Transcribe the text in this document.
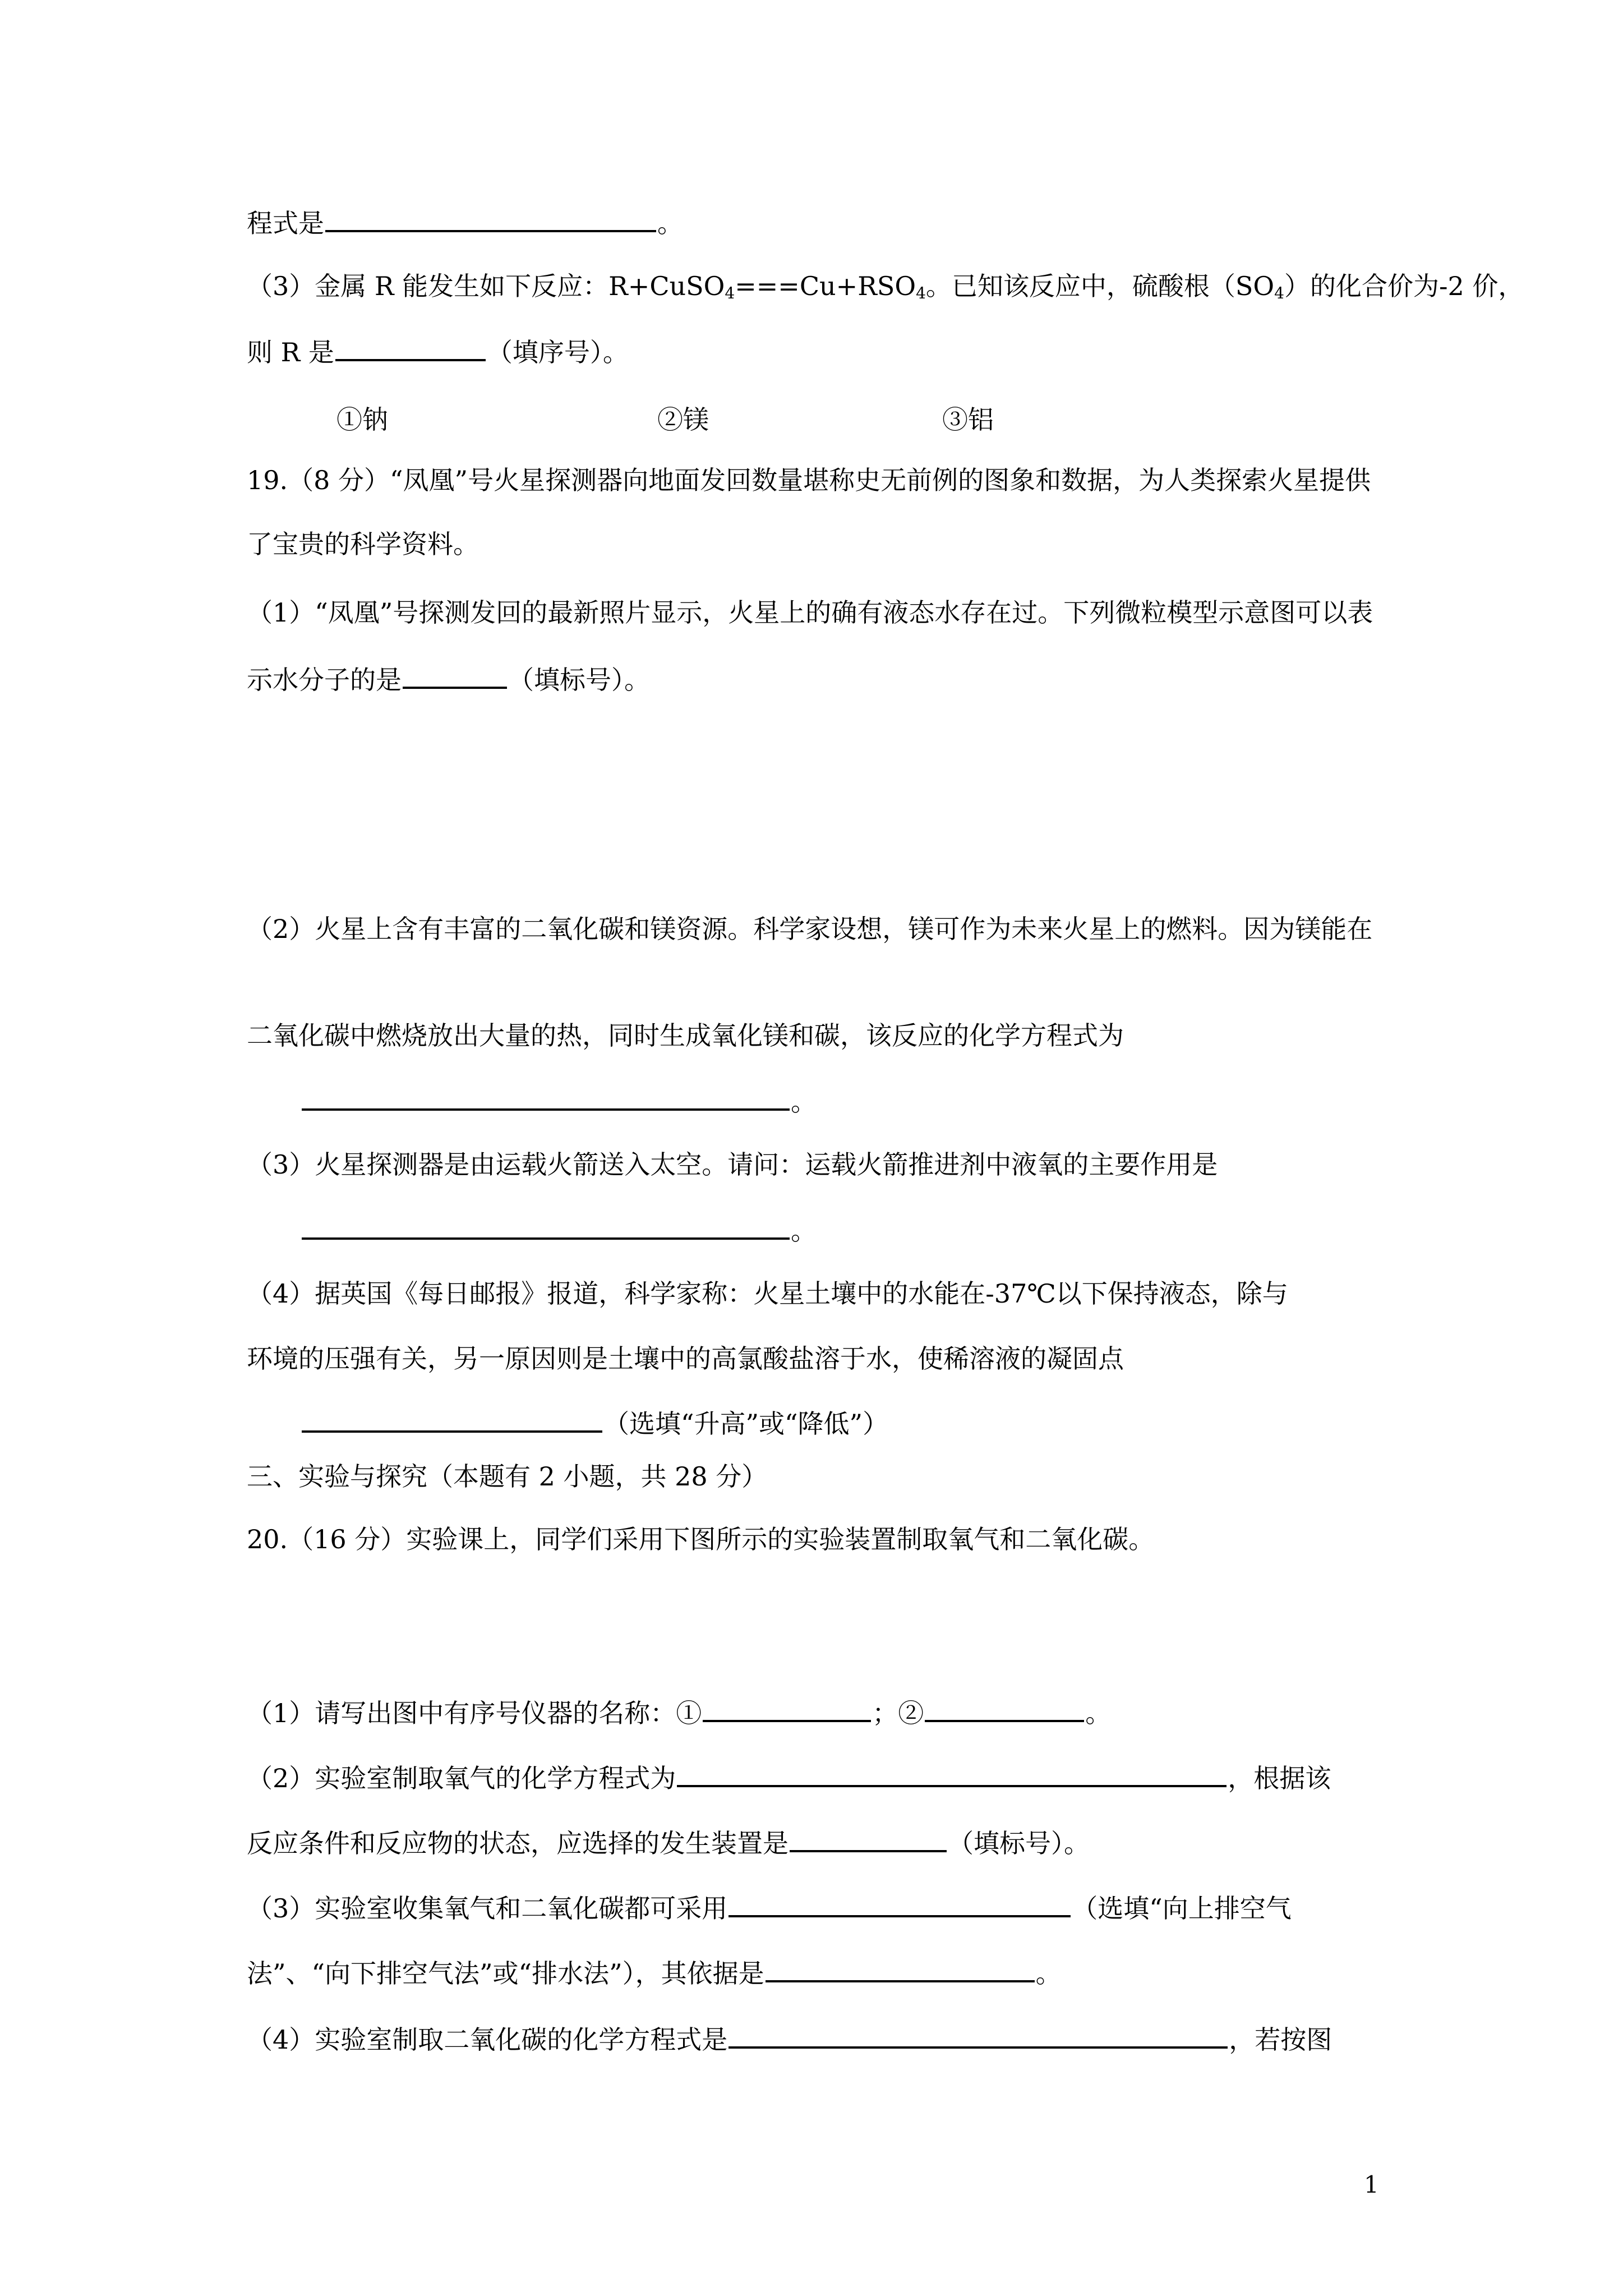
程式是	。
（3）金属 R 能发生如下反应：$R+CuSO_4===Cu+RSO_4$。已知该反应中，硫酸根$(SO_4)$的化合价为-2 价，
则 R 是	（填序号）。
①钠	②镁	③铝
19.（8 分）“凤凰”号火星探测器向地面发回数量堪称史无前例的图象和数据，为人类探索火星提供
了宝贵的科学资料。
（1）“凤凰”号探测发回的最新照片显示，火星上的确有液态水存在过。下列微粒模型示意图可以表
示水分子的是	（填标号）。
（2）火星上含有丰富的二氧化碳和镁资源。科学家设想，镁可作为未来火星上的燃料。因为镁能在
二氧化碳中燃烧放出大量的热，同时生成氧化镁和碳，该反应的化学方程式为
。
（3）火星探测器是由运载火箭送入太空。请问：运载火箭推进剂中液氧的主要作用是
。
（4）据英国《每日邮报》报道，科学家称：火星土壤中的水能在-37℃以下保持液态，除与
环境的压强有关，另一原因则是土壤中的高氯酸盐溶于水，使稀溶液的凝固点
（选填“升高”或“降低”）
三、实验与探究（本题有 2 小题，共 28 分）
20.（16 分）实验课上，同学们采用下图所示的实验装置制取氧气和二氧化碳。
（1）请写出图中有序号仪器的名称：①	；②	。
（2）实验室制取氧气的化学方程式为	，根据该
反应条件和反应物的状态，应选择的发生装置是	（填标号）。
（3）实验室收集氧气和二氧化碳都可采用	（选填“向上排空气
法”、“向下排空气法”或“排水法”），其依据是	。
（4）实验室制取二氧化碳的化学方程式是	，若按图
1
